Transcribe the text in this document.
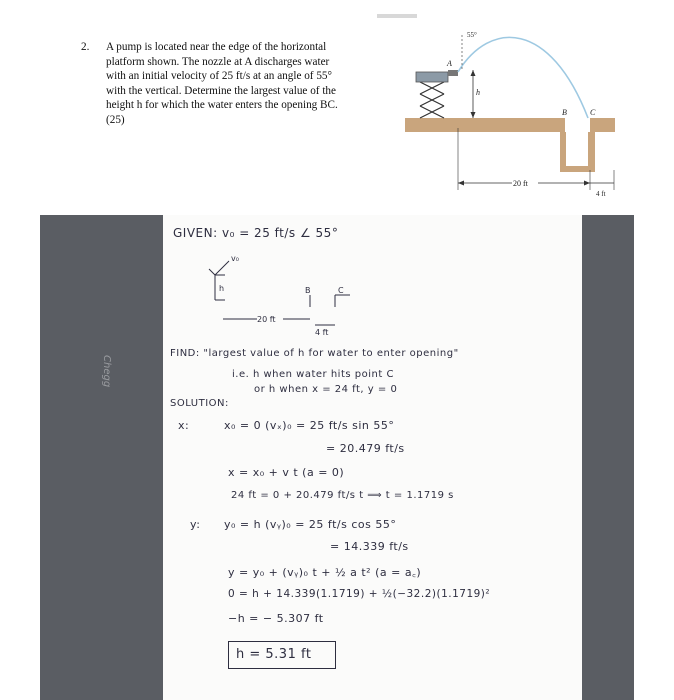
2.	A pump is located near the edge of the horizontal
platform shown. The nozzle at A discharges water
with an initial velocity of 25 ft/s at an angle of 55°
with the vertical. Determine the largest value of the
height h for which the water enters the opening BC.
(25)
55°
A
h
B	C
20 ft
4 ft
Chegg
GIVEN: v₀ = 25 ft/s ∠ 55°
v₀
h	B	C
20 ft
4 ft
FIND: "largest value of h for water to enter opening"
i.e. h when water hits point C
or h when x = 24 ft, y = 0
SOLUTION:
x:	x₀ = 0 (vₓ)₀ = 25 ft/s sin 55°
= 20.479 ft/s
x = x₀ + v t (a = 0)
24 ft = 0 + 20.479 ft/s t ⟹ t = 1.1719 s
y: y₀ = h (vᵧ)₀ = 25 ft/s cos 55°
= 14.339 ft/s
y = y₀ + (vᵧ)₀ t + ½ a t² (a = a꜀)
0 = h + 14.339(1.1719) + ½(−32.2)(1.1719)²
−h = − 5.307 ft
h = 5.31 ft
